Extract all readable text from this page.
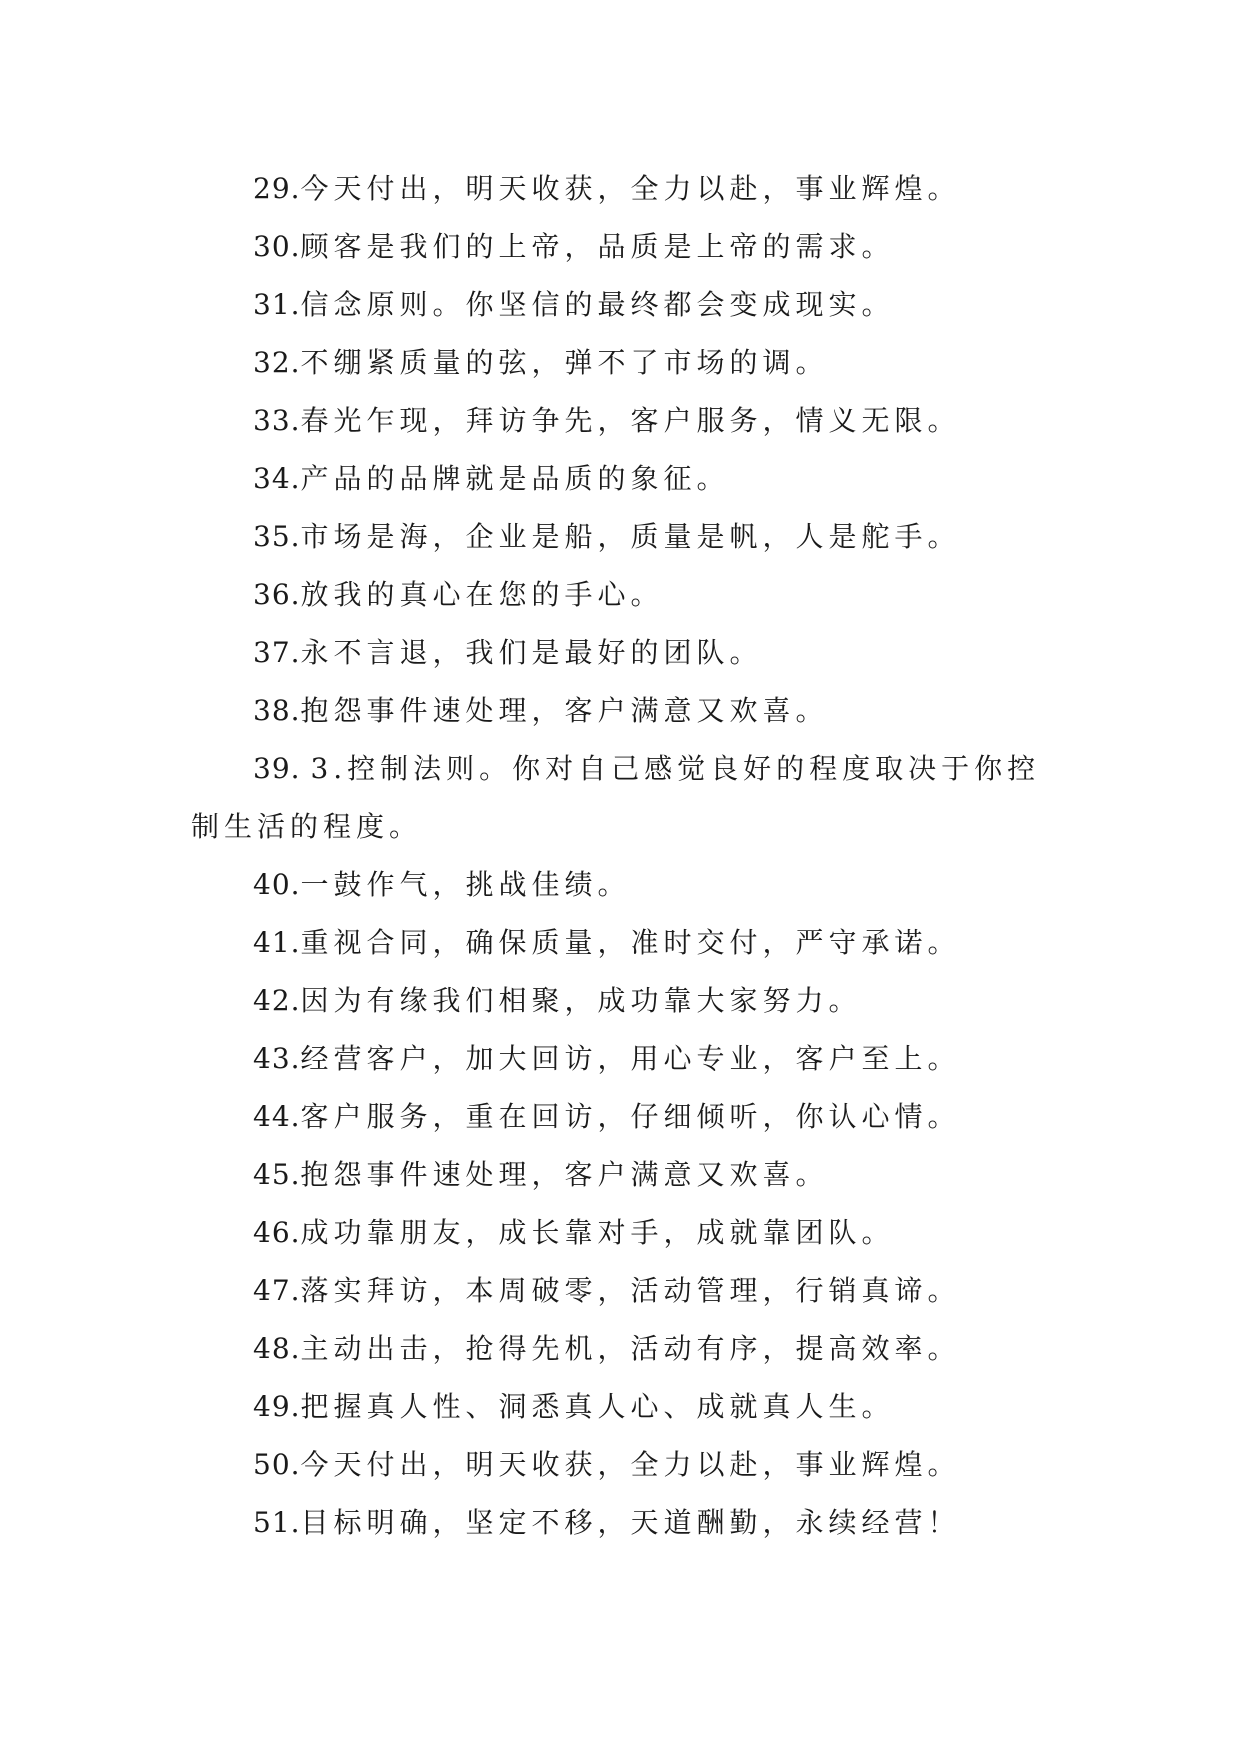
29.今天付出，明天收获，全力以赴，事业辉煌。

30.顾客是我们的上帝，品质是上帝的需求。

31.信念原则。你坚信的最终都会变成现实。

32.不绷紧质量的弦，弹不了市场的调。

33.春光乍现，拜访争先，客户服务，情义无限。

34.产品的品牌就是品质的象征。

35.市场是海，企业是船，质量是帆，人是舵手。

36.放我的真心在您的手心。

37.永不言退，我们是最好的团队。

38.抱怨事件速处理，客户满意又欢喜。

39. 3.控制法则。你对自己感觉良好的程度取决于你控制生活的程度。

40.一鼓作气，挑战佳绩。

41.重视合同，确保质量，准时交付，严守承诺。

42.因为有缘我们相聚，成功靠大家努力。

43.经营客户，加大回访，用心专业，客户至上。

44.客户服务，重在回访，仔细倾听，你认心情。

45.抱怨事件速处理，客户满意又欢喜。

46.成功靠朋友，成长靠对手，成就靠团队。

47.落实拜访，本周破零，活动管理，行销真谛。

48.主动出击，抢得先机，活动有序，提高效率。

49.把握真人性、洞悉真人心、成就真人生。

50.今天付出，明天收获，全力以赴，事业辉煌。

51.目标明确，坚定不移，天道酬勤，永续经营！
